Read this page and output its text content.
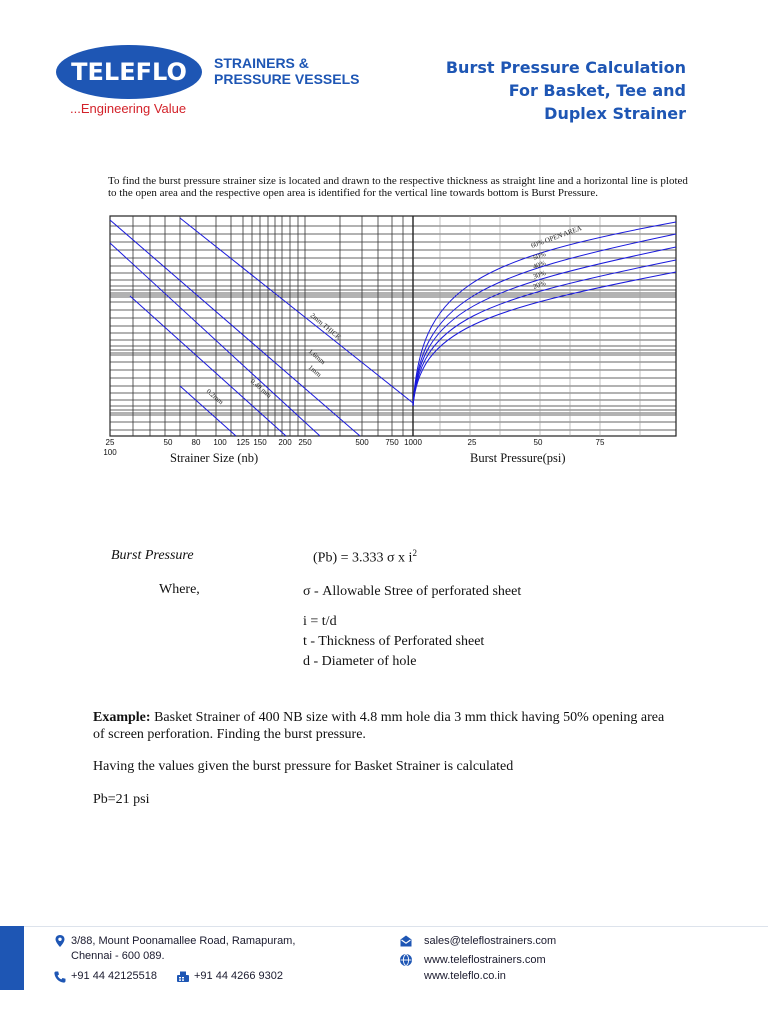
TELEFLO
...Engineering Value
STRAINERS &
PRESSURE VESSELS
Burst Pressure Calculation
For Basket, Tee and
Duplex Strainer
To find the burst pressure strainer size is located and drawn to the respective thickness as straight line and a horizontal line is ploted to the open area and the respective open area is identified for the vertical line towards bottom is Burst Pressure.
0.2mm	0.40 mm
1mm
1.6mm
2mm THICK
60% OPEN AREA
50%
40%
30%
20%
25	50 80 100 125 150 200 250	500 750 1000
100
25	50	75
Strainer Size (nb)	Burst Pressure(psi)
Burst Pressure	(Pb) = 3.333 σ x $i^2$
Where,	σ - Allowable Stree of perforated sheet
i = t/d
t - Thickness of Perforated sheet
d - Diameter of hole
Example: Basket Strainer of 400 NB size with 4.8 mm hole dia 3 mm thick having 50% opening area of screen perforation. Finding the burst pressure.
Having the values given the burst pressure for Basket Strainer is calculated
Pb=21 psi
3/88, Mount Poonamallee Road, Ramapuram,
Chennai - 600 089.
+91 44 42125518	+91 44 4266 9302
sales@teleflostrainers.com
www.teleflostrainers.com
www.teleflo.co.in
